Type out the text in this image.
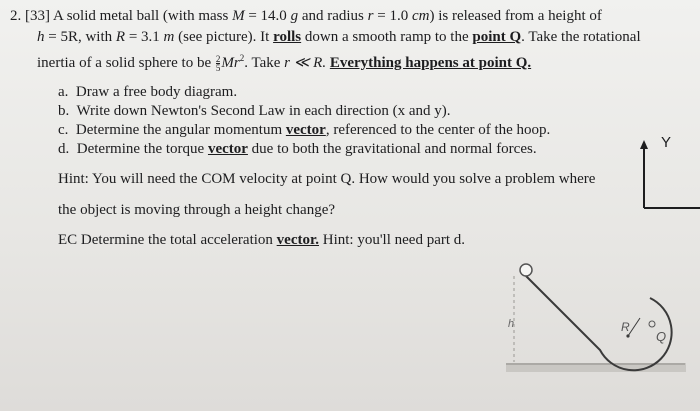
2. [33] A solid metal ball (with mass M = 14.0 g and radius r = 1.0 cm) is released from a height of
h = 5R, with R = 3.1 m (see picture). It rolls down a smooth ramp to the point Q. Take the rotational
inertia of a solid sphere to be $\frac{2}{5} Mr^2$. Take r ≪ R. Everything happens at point Q.
a. Draw a free body diagram.
b. Write down Newton's Second Law in each direction (x and y).
c. Determine the angular momentum vector, referenced to the center of the hoop.
d. Determine the torque vector due to both the gravitational and normal forces.
Hint: You will need the COM velocity at point Q. How would you solve a problem where
the object is moving through a height change?
EC Determine the total acceleration vector. Hint: you'll need part d.
Y
h	R
Q
